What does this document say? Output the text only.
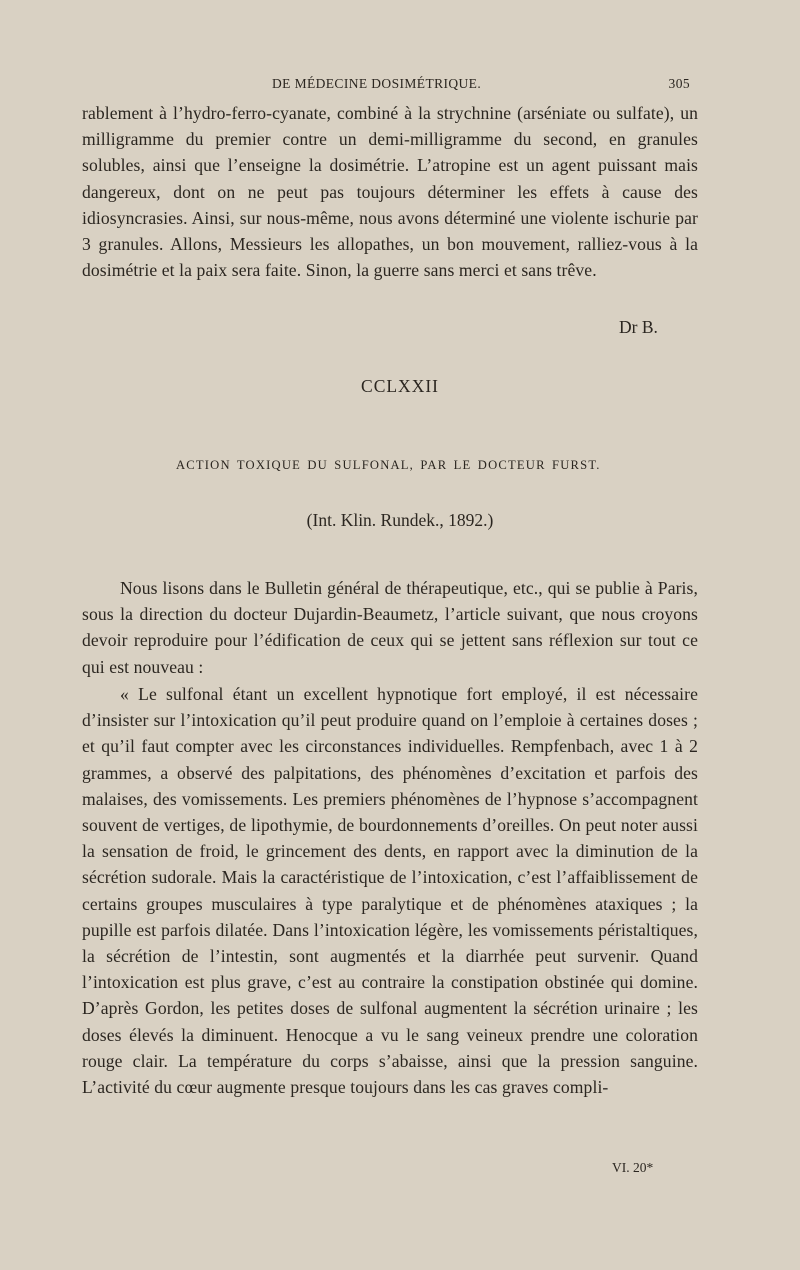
DE MÉDECINE DOSIMÉTRIQUE.	305
rablement à l’hydro-ferro-cyanate, combiné à la strychnine (arséniate ou sulfate), un milligramme du premier contre un demi-milligramme du second, en granules solubles, ainsi que l’enseigne la dosimétrie. L’atropine est un agent puissant mais dangereux, dont on ne peut pas toujours déterminer les effets à cause des idiosyncrasies. Ainsi, sur nous-même, nous avons déterminé une violente ischurie par 3 granules. Allons, Messieurs les allopathes, un bon mouvement, ralliez-vous à la dosimétrie et la paix sera faite. Sinon, la guerre sans merci et sans trêve.
Dr B.
CCLXXII
ACTION TOXIQUE DU SULFONAL, PAR LE DOCTEUR FURST.
(Int. Klin. Rundek., 1892.)
Nous lisons dans le Bulletin général de thérapeutique, etc., qui se publie à Paris, sous la direction du docteur Dujardin-Beaumetz, l’article suivant, que nous croyons devoir reproduire pour l’édification de ceux qui se jettent sans réflexion sur tout ce qui est nouveau :
« Le sulfonal étant un excellent hypnotique fort employé, il est nécessaire d’insister sur l’intoxication qu’il peut produire quand on l’emploie à certaines doses ; et qu’il faut compter avec les circonstances individuelles. Rempfenbach, avec 1 à 2 grammes, a observé des palpitations, des phénomènes d’excitation et parfois des malaises, des vomissements. Les premiers phénomènes de l’hypnose s’accompagnent souvent de vertiges, de lipothymie, de bourdonnements d’oreilles. On peut noter aussi la sensation de froid, le grincement des dents, en rapport avec la diminution de la sécrétion sudorale. Mais la caractéristique de l’intoxication, c’est l’affaiblissement de certains groupes musculaires à type paralytique et de phénomènes ataxiques ; la pupille est parfois dilatée. Dans l’intoxication légère, les vomissements péristaltiques, la sécrétion de l’intestin, sont augmentés et la diarrhée peut survenir. Quand l’intoxication est plus grave, c’est au contraire la constipation obstinée qui domine. D’après Gordon, les petites doses de sulfonal augmentent la sécrétion urinaire ; les doses élevés la diminuent. Henocque a vu le sang veineux prendre une coloration rouge clair. La température du corps s’abaisse, ainsi que la pression sanguine. L’activité du cœur augmente presque toujours dans les cas graves compli-
VI. 20*
